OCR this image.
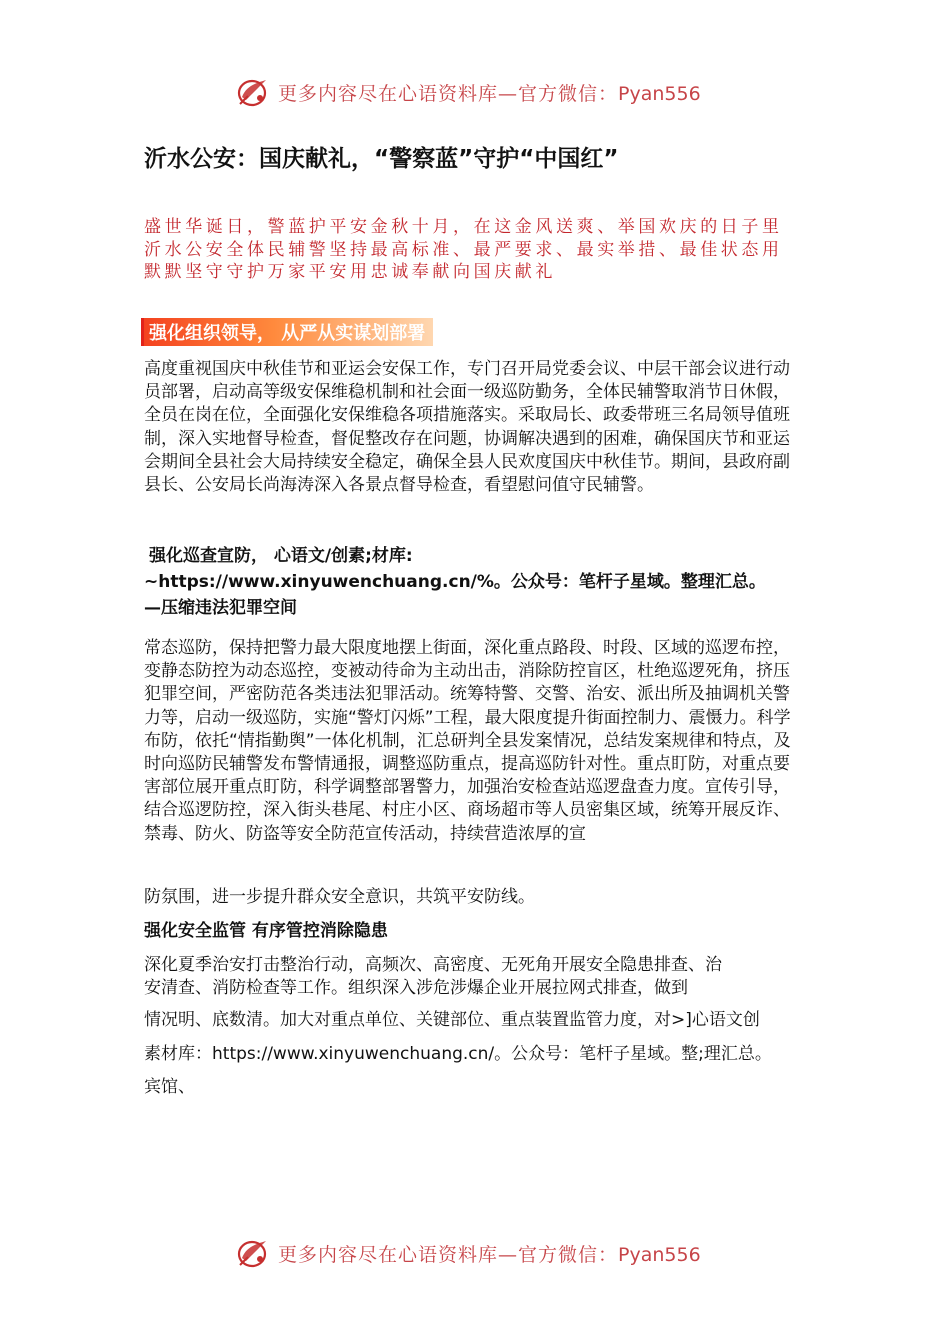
更多内容尽在心语资料库—官方微信：Pyan556
沂水公安：国庆献礼，“警察蓝”守护“中国红”
盛世华诞日，警蓝护平安金秋十月，在这金风送爽、举国欢庆的日子里沂水公安全体民辅警坚持最高标准、最严要求、最实举措、最佳状态用默默坚守守护万家平安用忠诚奉献向国庆献礼
强化组织领导， 从严从实谋划部署
高度重视国庆中秋佳节和亚运会安保工作，专门召开局党委会议、中层干部会议进行动员部署，启动高等级安保维稳机制和社会面一级巡防勤务，全体民辅警取消节日休假，全员在岗在位，全面强化安保维稳各项措施落实。采取局长、政委带班三名局领导值班制，深入实地督导检查，督促整改存在问题，协调解决遇到的困难，确保国庆节和亚运会期间全县社会大局持续安全稳定，确保全县人民欢度国庆中秋佳节。期间，县政府副县长、公安局长尚海涛深入各景点督导检查，看望慰问值守民辅警。
强化巡查宣防， 心语文/创素;材库:
~https://www.xinyuwenchuang.cn/%。公众号：笔杆子星域。整理汇总。
—压缩违法犯罪空间
常态巡防，保持把警力最大限度地摆上街面，深化重点路段、时段、区域的巡逻布控，变静态防控为动态巡控，变被动待命为主动出击，消除防控盲区，杜绝巡逻死角，挤压犯罪空间，严密防范各类违法犯罪活动。统筹特警、交警、治安、派出所及抽调机关警力等，启动一级巡防，实施“警灯闪烁”工程，最大限度提升街面控制力、震慑力。科学布防，依托“情指勤舆”一体化机制，汇总研判全县发案情况，总结发案规律和特点，及时向巡防民辅警发布警情通报，调整巡防重点，提高巡防针对性。重点盯防，对重点要害部位展开重点盯防，科学调整部署警力，加强治安检查站巡逻盘查力度。宣传引导，结合巡逻防控，深入街头巷尾、村庄小区、商场超市等人员密集区域，统筹开展反诈、禁毒、防火、防盗等安全防范宣传活动，持续营造浓厚的宣
防氛围，进一步提升群众安全意识，共筑平安防线。
强化安全监管 有序管控消除隐患
深化夏季治安打击整治行动，高频次、高密度、无死角开展安全隐患排查、治
安清查、消防检查等工作。组织深入涉危涉爆企业开展拉网式排查，做到
情况明、底数清。加大对重点单位、关键部位、重点装置监管力度，对>]心语文创
素材库：https://www.xinyuwenchuang.cn/。公众号：笔杆子星域。整;理汇总。
宾馆、
更多内容尽在心语资料库—官方微信：Pyan556
